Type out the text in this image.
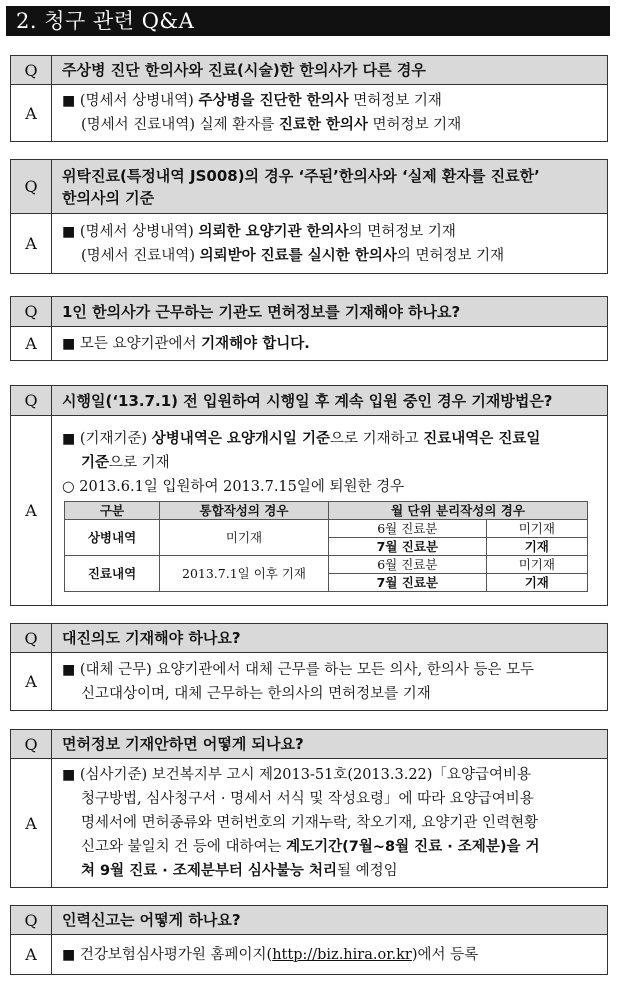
2. 청구 관련 Q&A
Q	주상병 진단 한의사와 진료(시술)한 한의사가 다른 경우
A	■ (명세서 상병내역) 주상병을 진단한 한의사 면허정보 기재
(명세서 진료내역) 실제 환자를 진료한 한의사 면허정보 기재
Q	위탁진료(특정내역 JS008)의 경우 ‘주된’한의사와 ‘실제 환자를 진료한’
한의사의 기준

A	■ (명세서 상병내역) 의뢰한 요양기관 한의사의 면허정보 기재
(명세서 진료내역) 의뢰받아 진료를 실시한 한의사의 면허정보 기재
Q	1인 한의사가 근무하는 기관도 면허정보를 기재해야 하나요?
A	■ 모든 요양기관에서 기재해야 합니다.
Q	시행일(‘13.7.1) 전 입원하여 시행일 후 계속 입원 중인 경우 기재방법은?
A	
■ (기재기준) 상병내역은 요양개시일 기준으로 기재하고 진료내역은 진료일
기준으로 기재
○ 2013.6.1일 입원하여 2013.7.15일에 퇴원한 경우
구분	통합작성의 경우	월 단위 분리작성의 경우
상병내역	미기재	6월 진료분	미기재
7월 진료분	기재
진료내역	2013.7.1일 이후 기재	6월 진료분	미기재
7월 진료분	기재
Q	대진의도 기재해야 하나요?
A	■ (대체 근무) 요양기관에서 대체 근무를 하는 모든 의사, 한의사 등은 모두
신고대상이며, 대체 근무하는 한의사의 면허정보를 기재
Q	면허정보 기재안하면 어떻게 되나요?
A	■ (심사기준) 보건복지부 고시 제2013-51호(2013.3.22)「요양급여비용
청구방법, 심사청구서 · 명세서 서식 및 작성요령」에 따라 요양급여비용
명세서에 면허종류와 면허번호의 기재누락, 착오기재, 요양기관 인력현황
신고와 불일치 건 등에 대하여는 계도기간(7월~8월 진료 · 조제분)을 거
쳐 9월 진료 · 조제분부터 심사불능 처리될 예정임
Q	인력신고는 어떻게 하나요?
A	■ 건강보험심사평가원 홈페이지(http://biz.hira.or.kr)에서 등록
